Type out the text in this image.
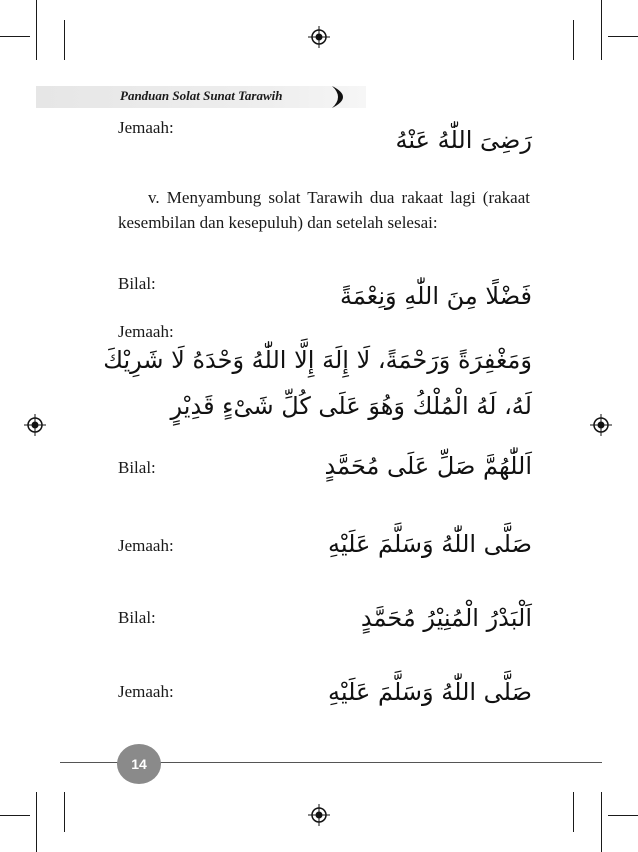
Panduan Solat Sunat Tarawih
Jemaah:	رَضِىَ اللّٰهُ عَنْهُ
v. Menyambung solat Tarawih dua rakaat lagi (rakaat kesembilan dan kesepuluh) dan setelah selesai:
Bilal:	فَضْلًا مِنَ اللّٰهِ وَنِعْمَةً
Jemaah:
وَمَغْفِرَةً وَرَحْمَةً، لَا إِلَهَ إِلَّا اللّٰهُ وَحْدَهُ لَا شَرِيْكَ
لَهُ، لَهُ الْمُلْكُ وَهُوَ عَلَى كُلِّ شَىْءٍ قَدِيْرٍ
Bilal:	اَللّٰهُمَّ صَلِّ عَلَى مُحَمَّدٍ
Jemaah:	صَلَّى اللّٰهُ وَسَلَّمَ عَلَيْهِ
Bilal:	اَلْبَدْرُ الْمُنِيْرُ مُحَمَّدٍ
Jemaah:	صَلَّى اللّٰهُ وَسَلَّمَ عَلَيْهِ
14
